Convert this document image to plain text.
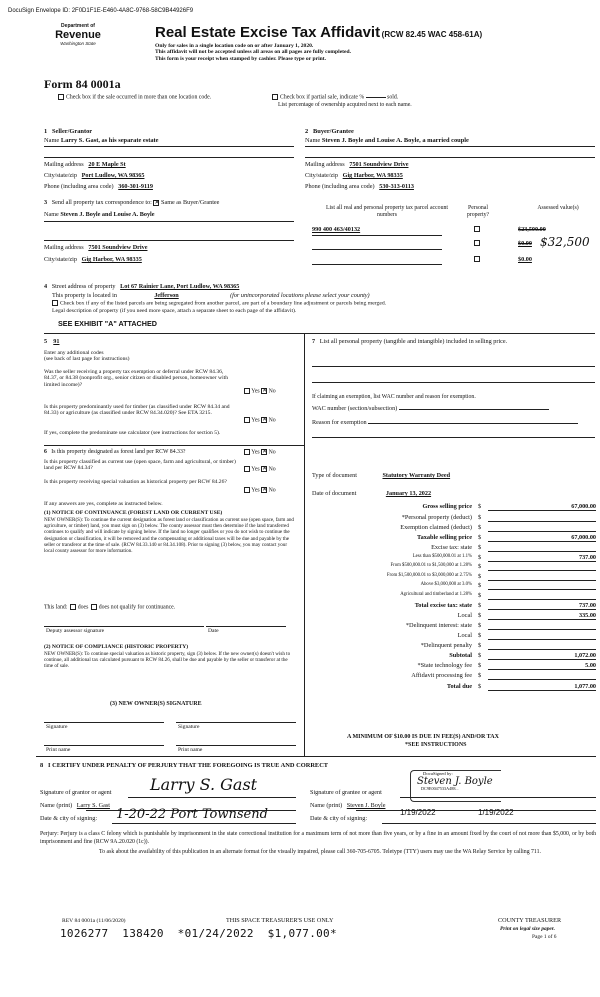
DocuSign Envelope ID: 2F0D1F1E-E460-4A8C-9768-58C9B44926F9
Department of
Revenue
Washington State
Real Estate Excise Tax Affidavit (RCW 82.45 WAC 458-61A)
Only for sales in a single location code on or after January 1, 2020.
This affidavit will not be accepted unless all areas on all pages are fully completed.
This form is your receipt when stamped by cashier. Please type or print.
Form 84 0001a
Check box if the sale occurred in more than one location code.	Check box if partial sale, indicate %	sold.
List percentage of ownership acquired next to each name.
1 Seller/Grantor
Name Larry S. Gast, as his separate estate
Mailing address 20 E Maple St
City/state/zip Port Ludlow, WA 98365
Phone (including area code) 360-301-9119
2 Buyer/Grantee
Name Steven J. Boyle and Louise A. Boyle, a married couple
Mailing address 7501 Soundview Drive
City/state/zip Gig Harbor, WA 98335
Phone (including area code) 530-313-0113
3 Send all property tax correspondence to: ✕ Same as Buyer/Grantee
Name Steven J. Boyle and Louise A. Boyle
Mailing address 7501 Soundview Drive
City/state/zip Gig Harbor, WA 98335
List all real and personal property tax parcel account numbers
Personal property?
Assessed value(s)
990 400 463/40132	$23,500.00
$0.00 $32,500
$0.00
4 Street address of property Lot 67 Rainier Lane, Port Ludlow, WA 98365
This property is located in	Jefferson	(for unincorporated locations please select your county)
Check box if any of the listed parcels are being segregated from another parcel, are part of a boundary line adjustment or parcels being merged.
Legal description of property (if you need more space, attach a separate sheet to each page of the affidavit).
SEE EXHIBIT "A" ATTACHED
5 91
Enter any additional codes
(see back of last page for instructions)
Was the seller receiving a property tax exemption or deferral under RCW 84.36, 84.37, or 84.38 (nonprofit org., senior citizen or disabled person, homeowner with limited income)?
Yes ✕ No
Is this property predominantly used for timber (as classified under RCW 84.34 and 84.33) or agriculture (as classified under RCW 84.34.020)? See ETA 3215.
Yes ✕ No
If yes, complete the predominate use calculator (see instructions for section 5).
6 Is this property designated as forest land per RCW 84.33?	Yes ✕ No
Is this property classified as current use (open space, farm and agricultural, or timber) land per RCW 84.34?	Yes ✕ No
Is this property receiving special valuation as historical property per RCW 84.26?
Yes ✕ No
If any answers are yes, complete as instructed below.
(1) NOTICE OF CONTINUANCE (FOREST LAND OR CURRENT USE)
NEW OWNER(S): To continue the current designation as forest land or classification as current use (open space, farm and agriculture, or timber) land, you must sign on (3) below. The county assessor must then determine if the land transferred continues to qualify and will indicate by signing below. If the land no longer qualifies or you do not wish to continue the designation or classification, it will be removed and the compensating or additional taxes will be due and payable by the seller or transferor at the time of sale. (RCW 84.33.140 or 84.34.108). Prior to signing (3) below, you may contact your local county assessor for more information.
This land: does does not qualify for continuance.
Deputy assessor signature	Date
(2) NOTICE OF COMPLIANCE (HISTORIC PROPERTY)
NEW OWNER(S): To continue special valuation as historic property, sign (3) below. If the new owner(s) doesn't wish to continue, all additional tax calculated pursuant to RCW 84.26, shall be due and payable by the seller or transferor at the time of sale.
(3) NEW OWNER(S) SIGNATURE
Signature	Signature
Print name	Print name
7 List all personal property (tangible and intangible) included in selling price.
If claiming an exemption, list WAC number and reason for exemption.
WAC number (section/subsection)
Reason for exemption
Type of document	Statutory Warranty Deed
Date of document	January 13, 2022
Gross selling price $	67,000.00
*Personal property (deduct) $
Exemption claimed (deduct) $
Taxable selling price $	67,000.00
Excise tax: state $
Less than $500,000.01 at 1.1% $	737.00
From $500,000.01 to $1,500,000 at 1.28% $
From $1,500,000.01 to $3,000,000 at 2.75% $
Above $3,000,000 at 3.0% $
Agricultural and timberland at 1.28% $
Total excise tax: state $	737.00
Local $	335.00
*Delinquent interest: state $
Local $
*Delinquent penalty $
Subtotal $	1,072.00
*State technology fee $	5.00
Affidavit processing fee $
Total due $	1,077.00
A MINIMUM OF $10.00 IS DUE IN FEE(S) AND/OR TAX
*SEE INSTRUCTIONS
8 I CERTIFY UNDER PENALTY OF PERJURY THAT THE FOREGOING IS TRUE AND CORRECT
Signature of grantor or agent Larry S. Gast
Name (print) Larry S. Gast
Date & city of signing: 1-20-22 Port Townsend
Signature of grantee or agent
DocuSigned by:
Steven J. Boyle
DC9E0047533A488...
Name (print) Steven J. Boyle
Date & city of signing:
1/19/2022	1/19/2022
Perjury: Perjury is a class C felony which is punishable by imprisonment in the state correctional institution for a maximum term of not more than five years, or by a fine in an amount fixed by the court of not more than $5,000, or by both imprisonment and fine (RCW 9A.20.020 (1c)).
To ask about the availability of this publication in an alternate format for the visually impaired, please call 360-705-6705. Teletype (TTY) users may use the WA Relay Service by calling 711.
REV 84 0001a (11/06/2020)	THIS SPACE TREASURER'S USE ONLY	COUNTY TREASURER
Print on legal size paper.
Page 1 of 6
1026277  138420  *01/24/2022  $1,077.00*
